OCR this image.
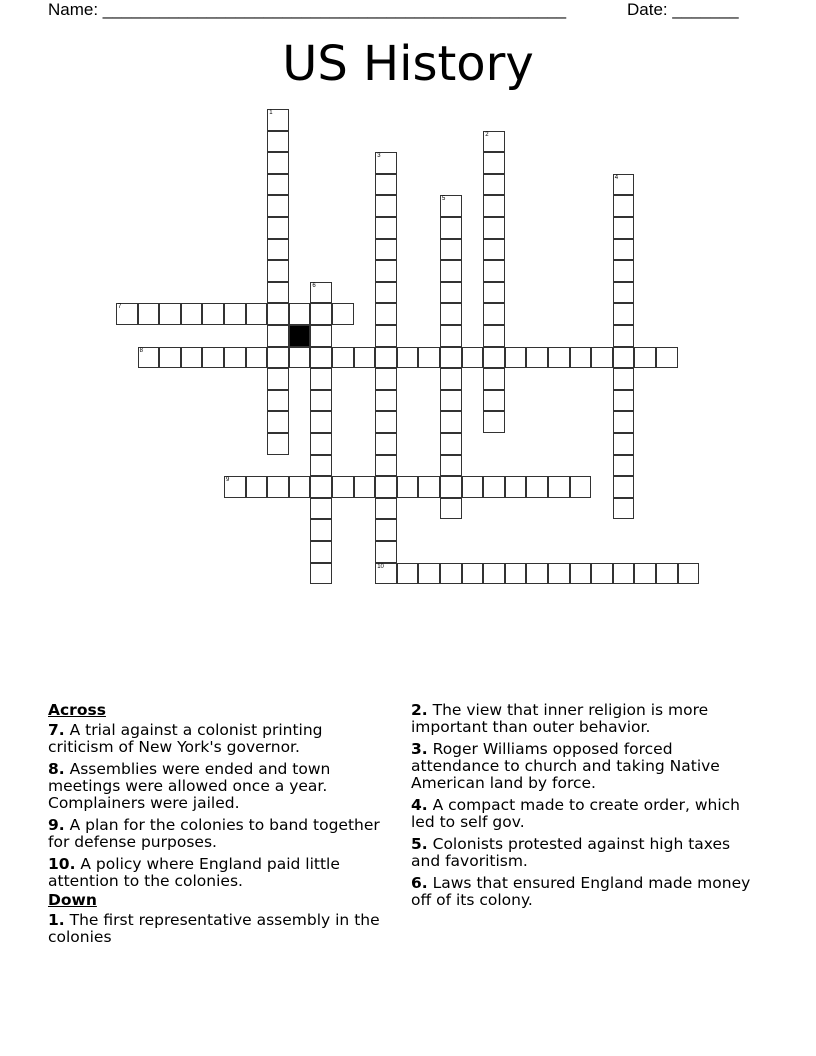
Name: _________________________________________________	Date: _______
US History
1
2
3
10
4
5
6
7
8
9
Across
7. A trial against a colonist printing criticism of New York's governor.
8. Assemblies were ended and town meetings were allowed once a year. Complainers were jailed.
9. A plan for the colonies to band together for defense purposes.
10. A policy where England paid little attention to the colonies.
Down
1. The first representative assembly in the colonies
2. The view that inner religion is more important than outer behavior.
3. Roger Williams opposed forced attendance to church and taking Native American land by force.
4. A compact made to create order, which led to self gov.
5. Colonists protested against high taxes and favoritism.
6. Laws that ensured England made money off of its colony.
